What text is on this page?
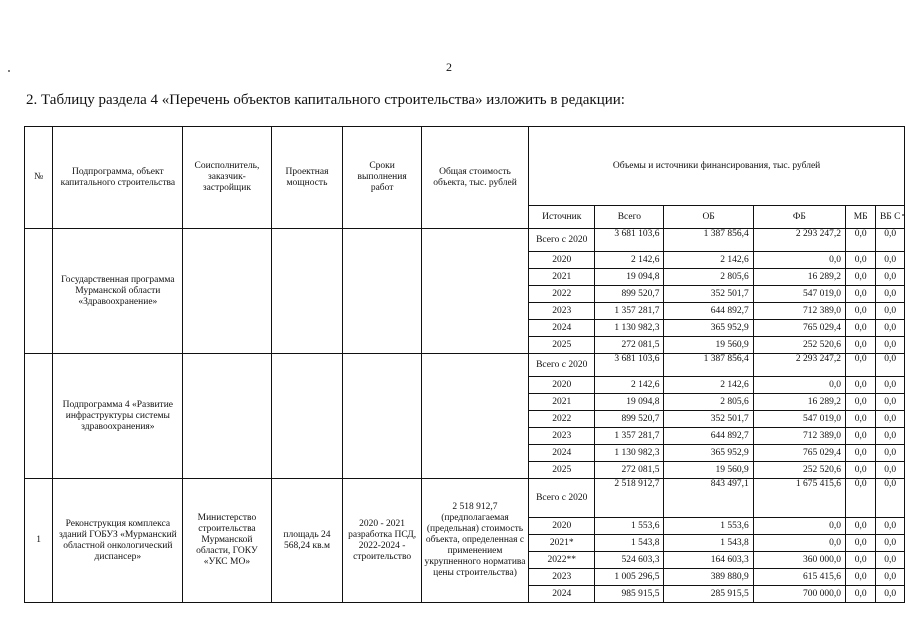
2
2. Таблицу раздела 4 «Перечень объектов капитального строительства» изложить в редакции:
№	Подпрограмма, объект капитального строительства	Соисполнитель, заказчик-застройщик	Проектная мощность	Сроки выполнения работ	Общая стоимость объекта, тыс. рублей	Объемы и источники финансирования, тыс. рублей					
						Источник	Всего	ОБ	ФБ	МБ	ВБ С
	Государственная программа Мурманской области «Здравоохранение»					Всего с 2020	3 681 103,6	1 387 856,4	2 293 247,2	0,0	0,0
						2020	2 142,6	2 142,6	0,0	0,0	0,0
						2021	19 094,8	2 805,6	16 289,2	0,0	0,0
						2022	899 520,7	352 501,7	547 019,0	0,0	0,0
						2023	1 357 281,7	644 892,7	712 389,0	0,0	0,0
						2024	1 130 982,3	365 952,9	765 029,4	0,0	0,0
						2025	272 081,5	19 560,9	252 520,6	0,0	0,0
	Подпрограмма 4 «Развитие инфраструктуры системы здравоохранения»					Всего с 2020	3 681 103,6	1 387 856,4	2 293 247,2	0,0	0,0
						2020	2 142,6	2 142,6	0,0	0,0	0,0
						2021	19 094,8	2 805,6	16 289,2	0,0	0,0
						2022	899 520,7	352 501,7	547 019,0	0,0	0,0
						2023	1 357 281,7	644 892,7	712 389,0	0,0	0,0
						2024	1 130 982,3	365 952,9	765 029,4	0,0	0,0
						2025	272 081,5	19 560,9	252 520,6	0,0	0,0
1	Реконструкция комплекса зданий ГОБУЗ «Мурманский областной онкологический диспансер»	Министерство строительства Мурманской области, ГОКУ «УКС МО»	площадь 24 568,24 кв.м	2020 - 2021 разработка ПСД, 2022-2024 - строительство	2 518 912,7 (предполагаемая (предельная) стоимость объекта, определенная с применением укрупненного норматива цены строительства)	Всего с 2020	2 518 912,7	843 497,1	1 675 415,6	0,0	0,0
						2020	1 553,6	1 553,6	0,0	0,0	0,0
						2021*	1 543,8	1 543,8	0,0	0,0	0,0
						2022**	524 603,3	164 603,3	360 000,0	0,0	0,0
						2023	1 005 296,5	389 880,9	615 415,6	0,0	0,0
						2024	985 915,5	285 915,5	700 000,0	0,0	0,0
